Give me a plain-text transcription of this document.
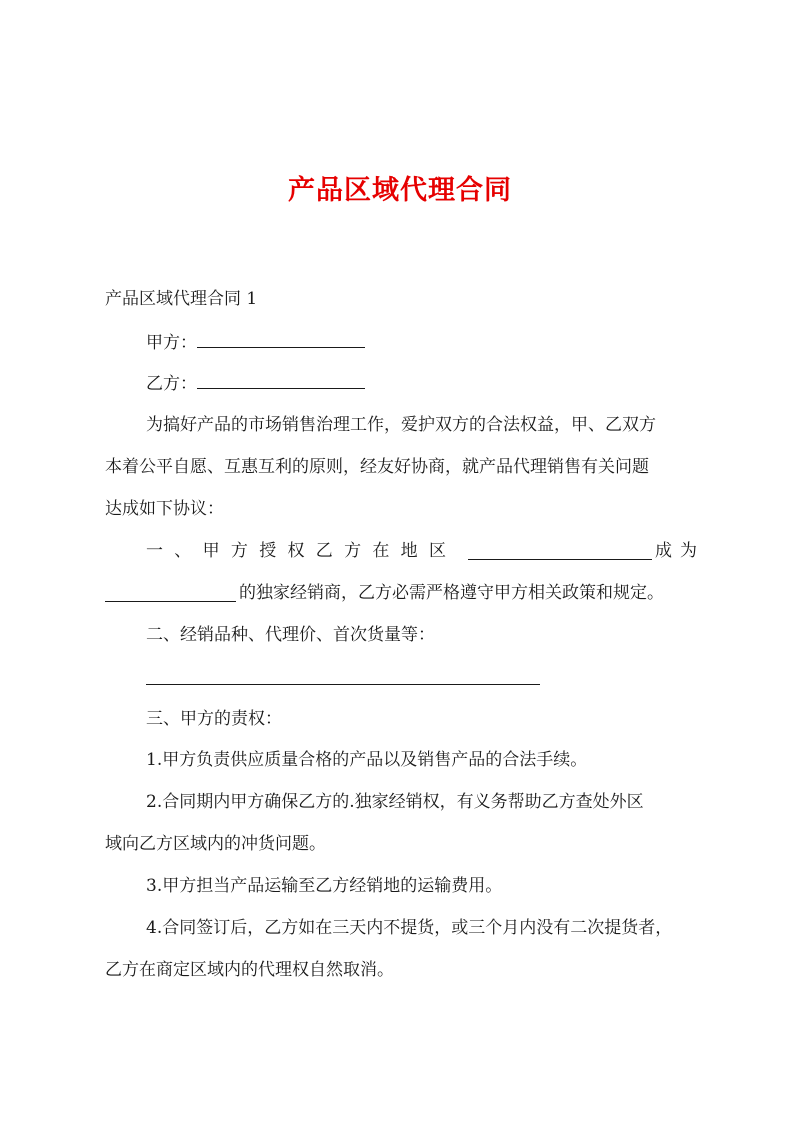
产品区域代理合同
产品区域代理合同 1
甲方：
乙方：
为搞好产品的市场销售治理工作，爱护双方的合法权益，甲、乙双方
本着公平自愿、互惠互利的原则，经友好协商，就产品代理销售有关问题
达成如下协议：
一 、 甲 方 授 权 乙 方 在 地 区	成 为
的独家经销商，乙方必需严格遵守甲方相关政策和规定。
二、经销品种、代理价、首次货量等：
三、甲方的责权：
1.甲方负责供应质量合格的产品以及销售产品的合法手续。
2.合同期内甲方确保乙方的.独家经销权，有义务帮助乙方查处外区
域向乙方区域内的冲货问题。
3.甲方担当产品运输至乙方经销地的运输费用。
4.合同签订后，乙方如在三天内不提货，或三个月内没有二次提货者，
乙方在商定区域内的代理权自然取消。
